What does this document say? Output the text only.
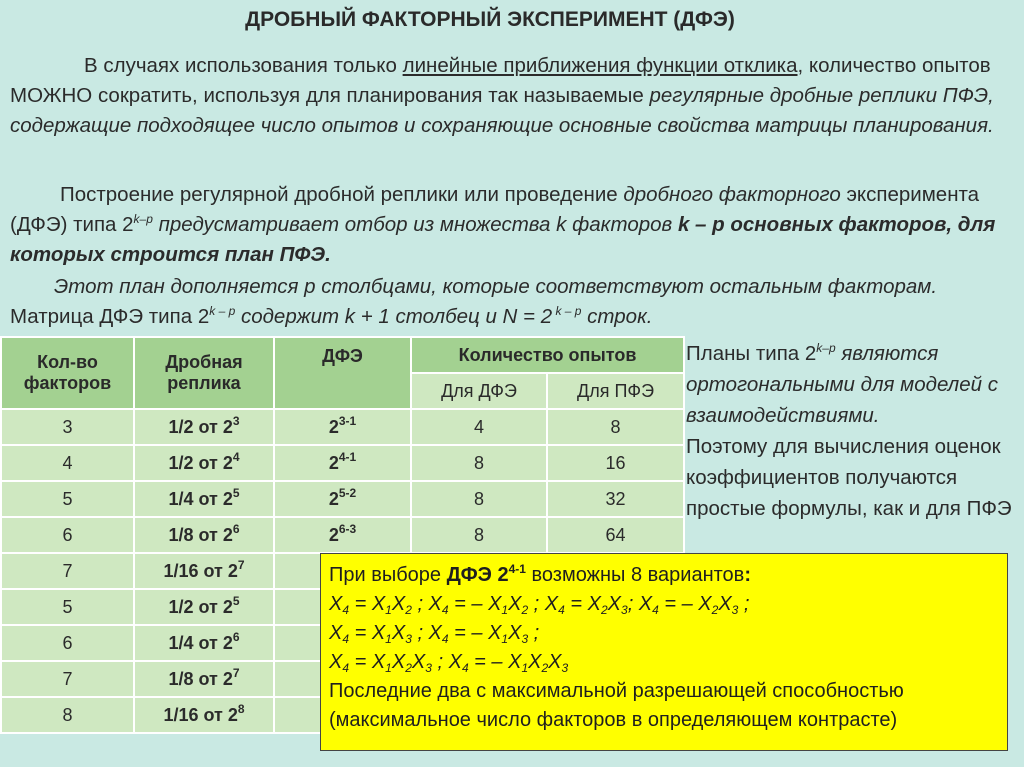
ДРОБНЫЙ ФАКТОРНЫЙ ЭКСПЕРИМЕНТ (ДФЭ)
В случаях использования только линейные приближения функции отклика, количество опытов МОЖНО сократить, используя для планирования так называемые регулярные дробные реплики ПФЭ, содержащие подходящее число опытов и сохраняющие основные свойства матрицы планирования.
Построение регулярной дробной реплики или проведение дробного факторного эксперимента (ДФЭ) типа 2$^{k-p}$ предусматривает отбор из множества k факторов k – p основных факторов, для которых строится план ПФЭ.
Этот план дополняется p столбцами, которые соответствуют остальным факторам. Матрица ДФЭ типа 2$^{k - p}$ содержит k + 1 столбец и N = 2 $^{k - p}$ строк.
Кол-во факторов	Дробная реплика	ДФЭ	Количество опытов	
			Для ДФЭ	Для ПФЭ
3	1/2 от $2^3$	2$^{3-1}$	4	8
4	1/2 от $2^4$	2$^{4-1}$	8	16
5	1/4 от $2^5$	2$^{5-2}$	8	32
6	1/8 от $2^6$	2$^{6-3}$	8	64
7	1/16 от $2^7$			
5	1/2 от $2^5$			
6	1/4 от $2^6$			
7	1/8 от $2^7$			
8	1/16 от $2^8$			
Планы типа 2$^{k-p}$ являются ортогональными для моделей с взаимодействиями.
Поэтому для вычисления оценок коэффициентов получаются простые формулы, как и для ПФЭ
При выборе ДФЭ 2$^{4-1}$ возможны 8 вариантов:
$X_4 = X_1X_2$ ; $X_4$ = – $X_1X_2$ ; $X_4 = X_2X_3$; $X_4$ = – $X_2X_3$ ;
$X_4 = X_1X_3$ ; $X_4$ = – $X_1X_3$ ;
$X_4 = X_1X_2X_3$ ; $X_4$ = – $X_1X_2X_3$
Последние два с максимальной разрешающей способностью (максимальное число факторов в определяющем контрасте)
